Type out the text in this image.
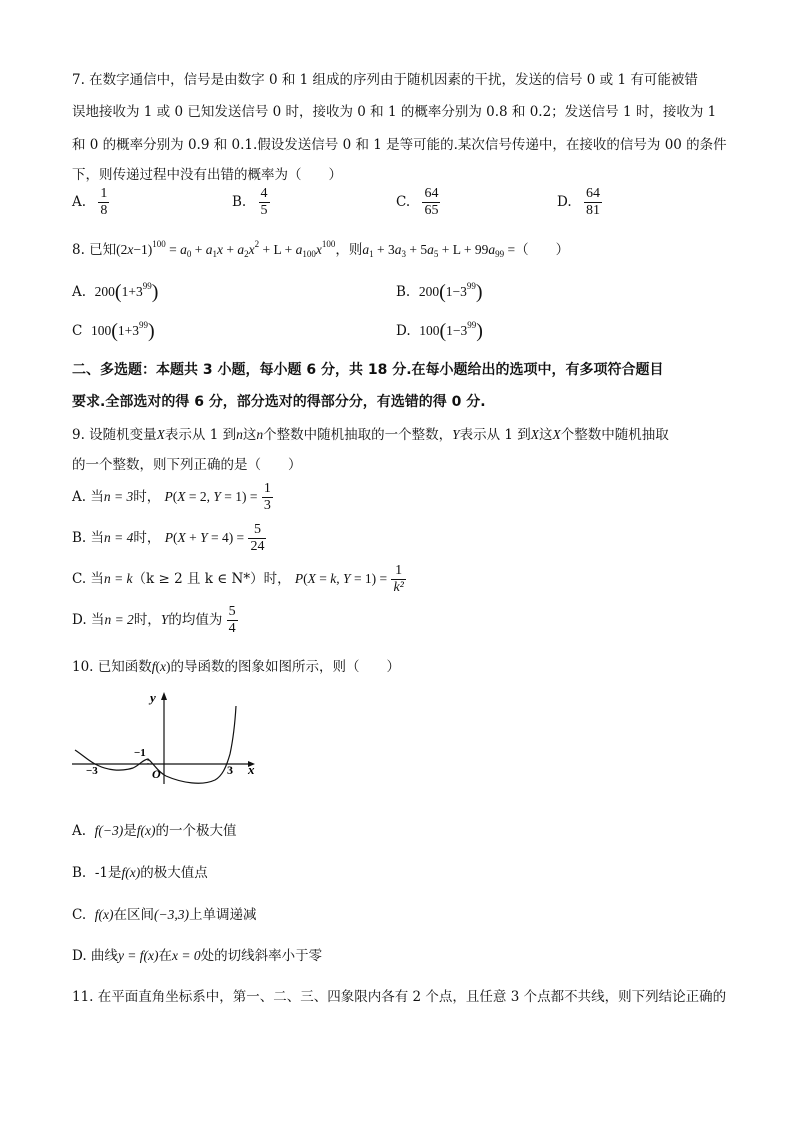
7. 在数字通信中，信号是由数字 0 和 1 组成的序列由于随机因素的干扰，发送的信号 0 或 1 有可能被错
误地接收为 1 或 0 已知发送信号 0 时，接收为 0 和 1 的概率分别为 0.8 和 0.2；发送信号 1 时，接收为 1
和 0 的概率分别为 0.9 和 0.1.假设发送信号 0 和 1 是等可能的.某次信号传递中，在接收的信号为 00 的条件
下，则传递过程中没有出错的概率为（　　）
A. $\frac{1}{8}$	B. $\frac{4}{5}$	C. $\frac{64}{65}$	D. $\frac{64}{81}$
8. 已知$(2x-1)^{100} = a_0 + a_1x + a_2x^2 + L + a_{100}x^{100}$，则$a_1 + 3a_3 + 5a_5 + L + 99a_{99}$ =（　　）
A. $200(1+3^{99})$	B. $200(1-3^{99})$
C $100(1+3^{99})$	D. $100(1-3^{99})$
二、多选题：本题共 3 小题，每小题 6 分，共 18 分.在每小题给出的选项中，有多项符合题目
要求.全部选对的得 6 分，部分选对的得部分分，有选错的得 0 分.
9. 设随机变量X表示从 1 到n这n个整数中随机抽取的一个整数，Y表示从 1 到X这X个整数中随机抽取
的一个整数，则下列正确的是（　　）
A. 当n = 3时， P(X = 2, $Y = 1) = \frac{1}{3}$
B. 当n = 4时， $P(X + Y = 4) = \frac{5}{24}$
C. 当n = k（k ≥ 2 且 k ∈ N*）时， P(X = k, $Y = 1) = \frac{1}{\text{k²}}$
D. 当n = 2时，Y的均值为 $\frac{5}{4}$
10. 已知函数f(x)的导函数的图象如图所示，则（　　）
y
x
O
−3
−1
3
A. f(−3)是f(x)的一个极大值
B. -1是f(x)的极大值点
C. f(x)在区间(−3,3)上单调递减
D. 曲线y = f(x)在x = 0处的切线斜率小于零
11. 在平面直角坐标系中，第一、二、三、四象限内各有 2 个点，且任意 3 个点都不共线，则下列结论正确的
